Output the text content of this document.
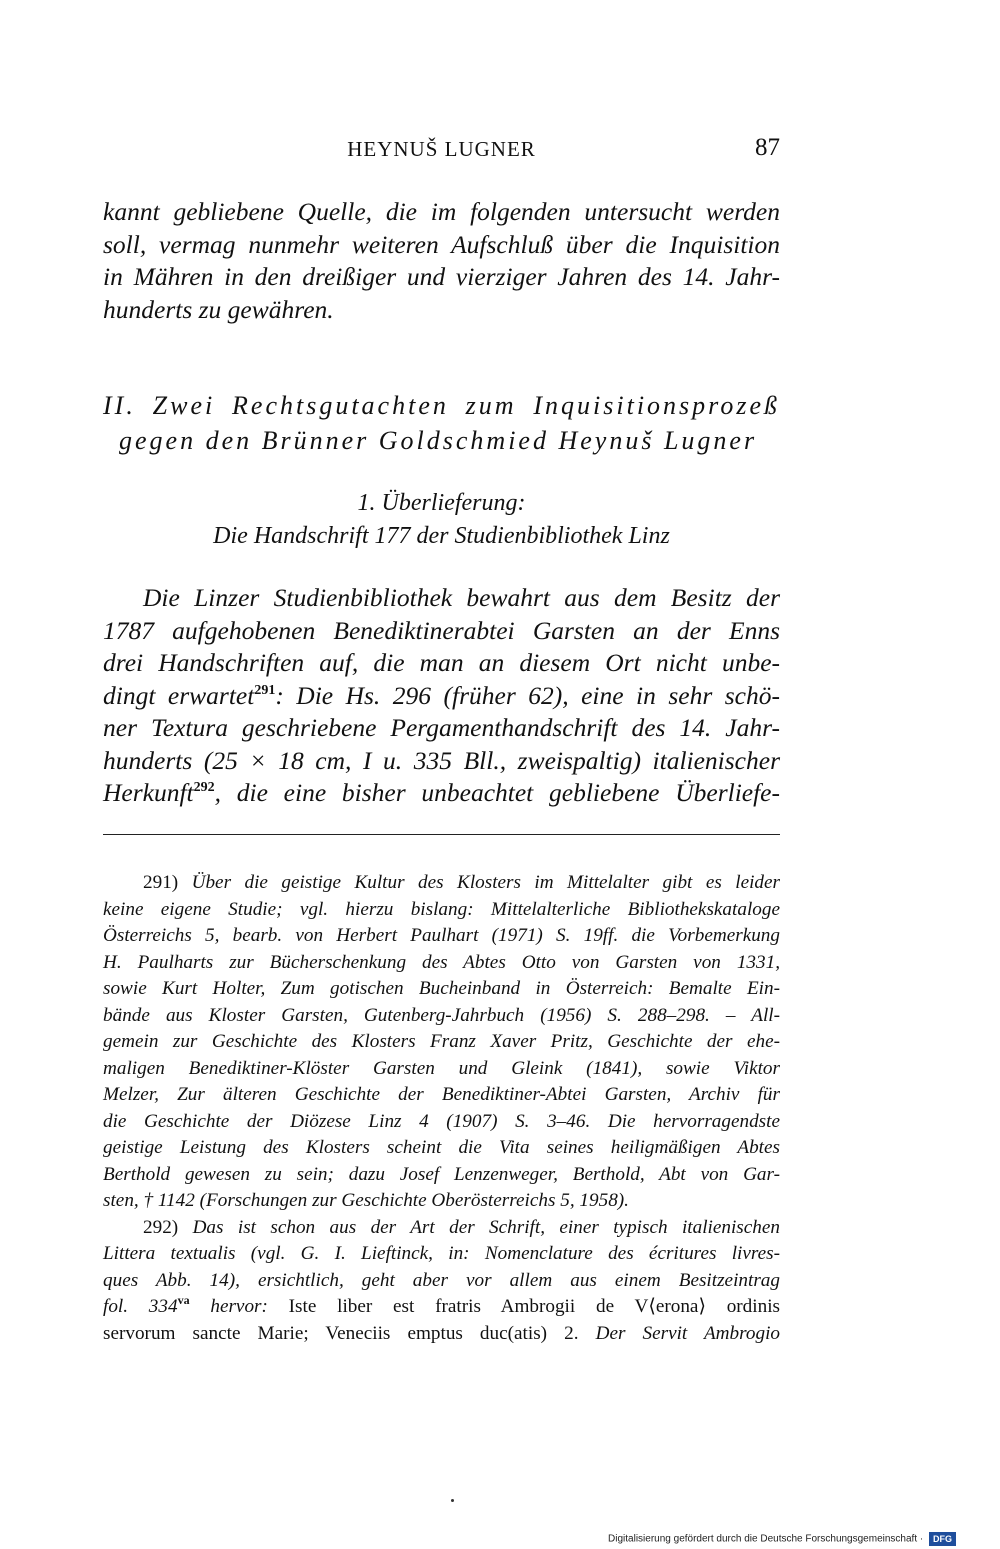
HEYNUŠ LUGNER	87
kannt gebliebene Quelle, die im folgenden untersucht werden
soll, vermag nunmehr weiteren Aufschluß über die Inquisition
in Mähren in den dreißiger und vierziger Jahren des 14. Jahr-
hunderts zu gewähren.
II. Zwei Rechtsgutachten zum Inquisitionsprozeß
gegen den Brünner Goldschmied Heynuš Lugner
1. Überlieferung:
Die Handschrift 177 der Studienbibliothek Linz
Die Linzer Studienbibliothek bewahrt aus dem Besitz der
1787 aufgehobenen Benediktinerabtei Garsten an der Enns
drei Handschriften auf, die man an diesem Ort nicht unbe-
dingt erwartet$^{291}$: Die Hs. 296 (früher 62), eine in sehr schö-
ner Textura geschriebene Pergamenthandschrift des 14. Jahr-
hunderts (25 × 18 cm, I u. 335 Bll., zweispaltig) italienischer
Herkunft$^{292}$, die eine bisher unbeachtet gebliebene Überliefe-
291) Über die geistige Kultur des Klosters im Mittelalter gibt es leider
keine eigene Studie; vgl. hierzu bislang: Mittelalterliche Bibliothekskataloge
Österreichs 5, bearb. von Herbert Paulhart (1971) S. 19ff. die Vorbemerkung
H. Paulharts zur Bücherschenkung des Abtes Otto von Garsten von 1331,
sowie Kurt Holter, Zum gotischen Bucheinband in Österreich: Bemalte Ein-
bände aus Kloster Garsten, Gutenberg-Jahrbuch (1956) S. 288–298. – All-
gemein zur Geschichte des Klosters Franz Xaver Pritz, Geschichte der ehe-
maligen Benediktiner-Klöster Garsten und Gleink (1841), sowie Viktor
Melzer, Zur älteren Geschichte der Benediktiner-Abtei Garsten, Archiv für
die Geschichte der Diözese Linz 4 (1907) S. 3–46. Die hervorragendste
geistige Leistung des Klosters scheint die Vita seines heiligmäßigen Abtes
Berthold gewesen zu sein; dazu Josef Lenzenweger, Berthold, Abt von Gar-
sten, † 1142 (Forschungen zur Geschichte Oberösterreichs 5, 1958).
292) Das ist schon aus der Art der Schrift, einer typisch italienischen
Littera textualis (vgl. G. I. Lieftinck, in: Nomenclature des écritures livres-
ques Abb. 14), ersichtlich, geht aber vor allem aus einem Besitzeintrag
fol. $334^{va}$ hervor: Iste liber est fratris Ambrogii de V⟨erona⟩ ordinis
servorum sancte Marie; Veneciis emptus duc(atis) 2. Der Servit Ambrogio
Digitalisierung gefördert durch die Deutsche Forschungsgemeinschaft · DFG
